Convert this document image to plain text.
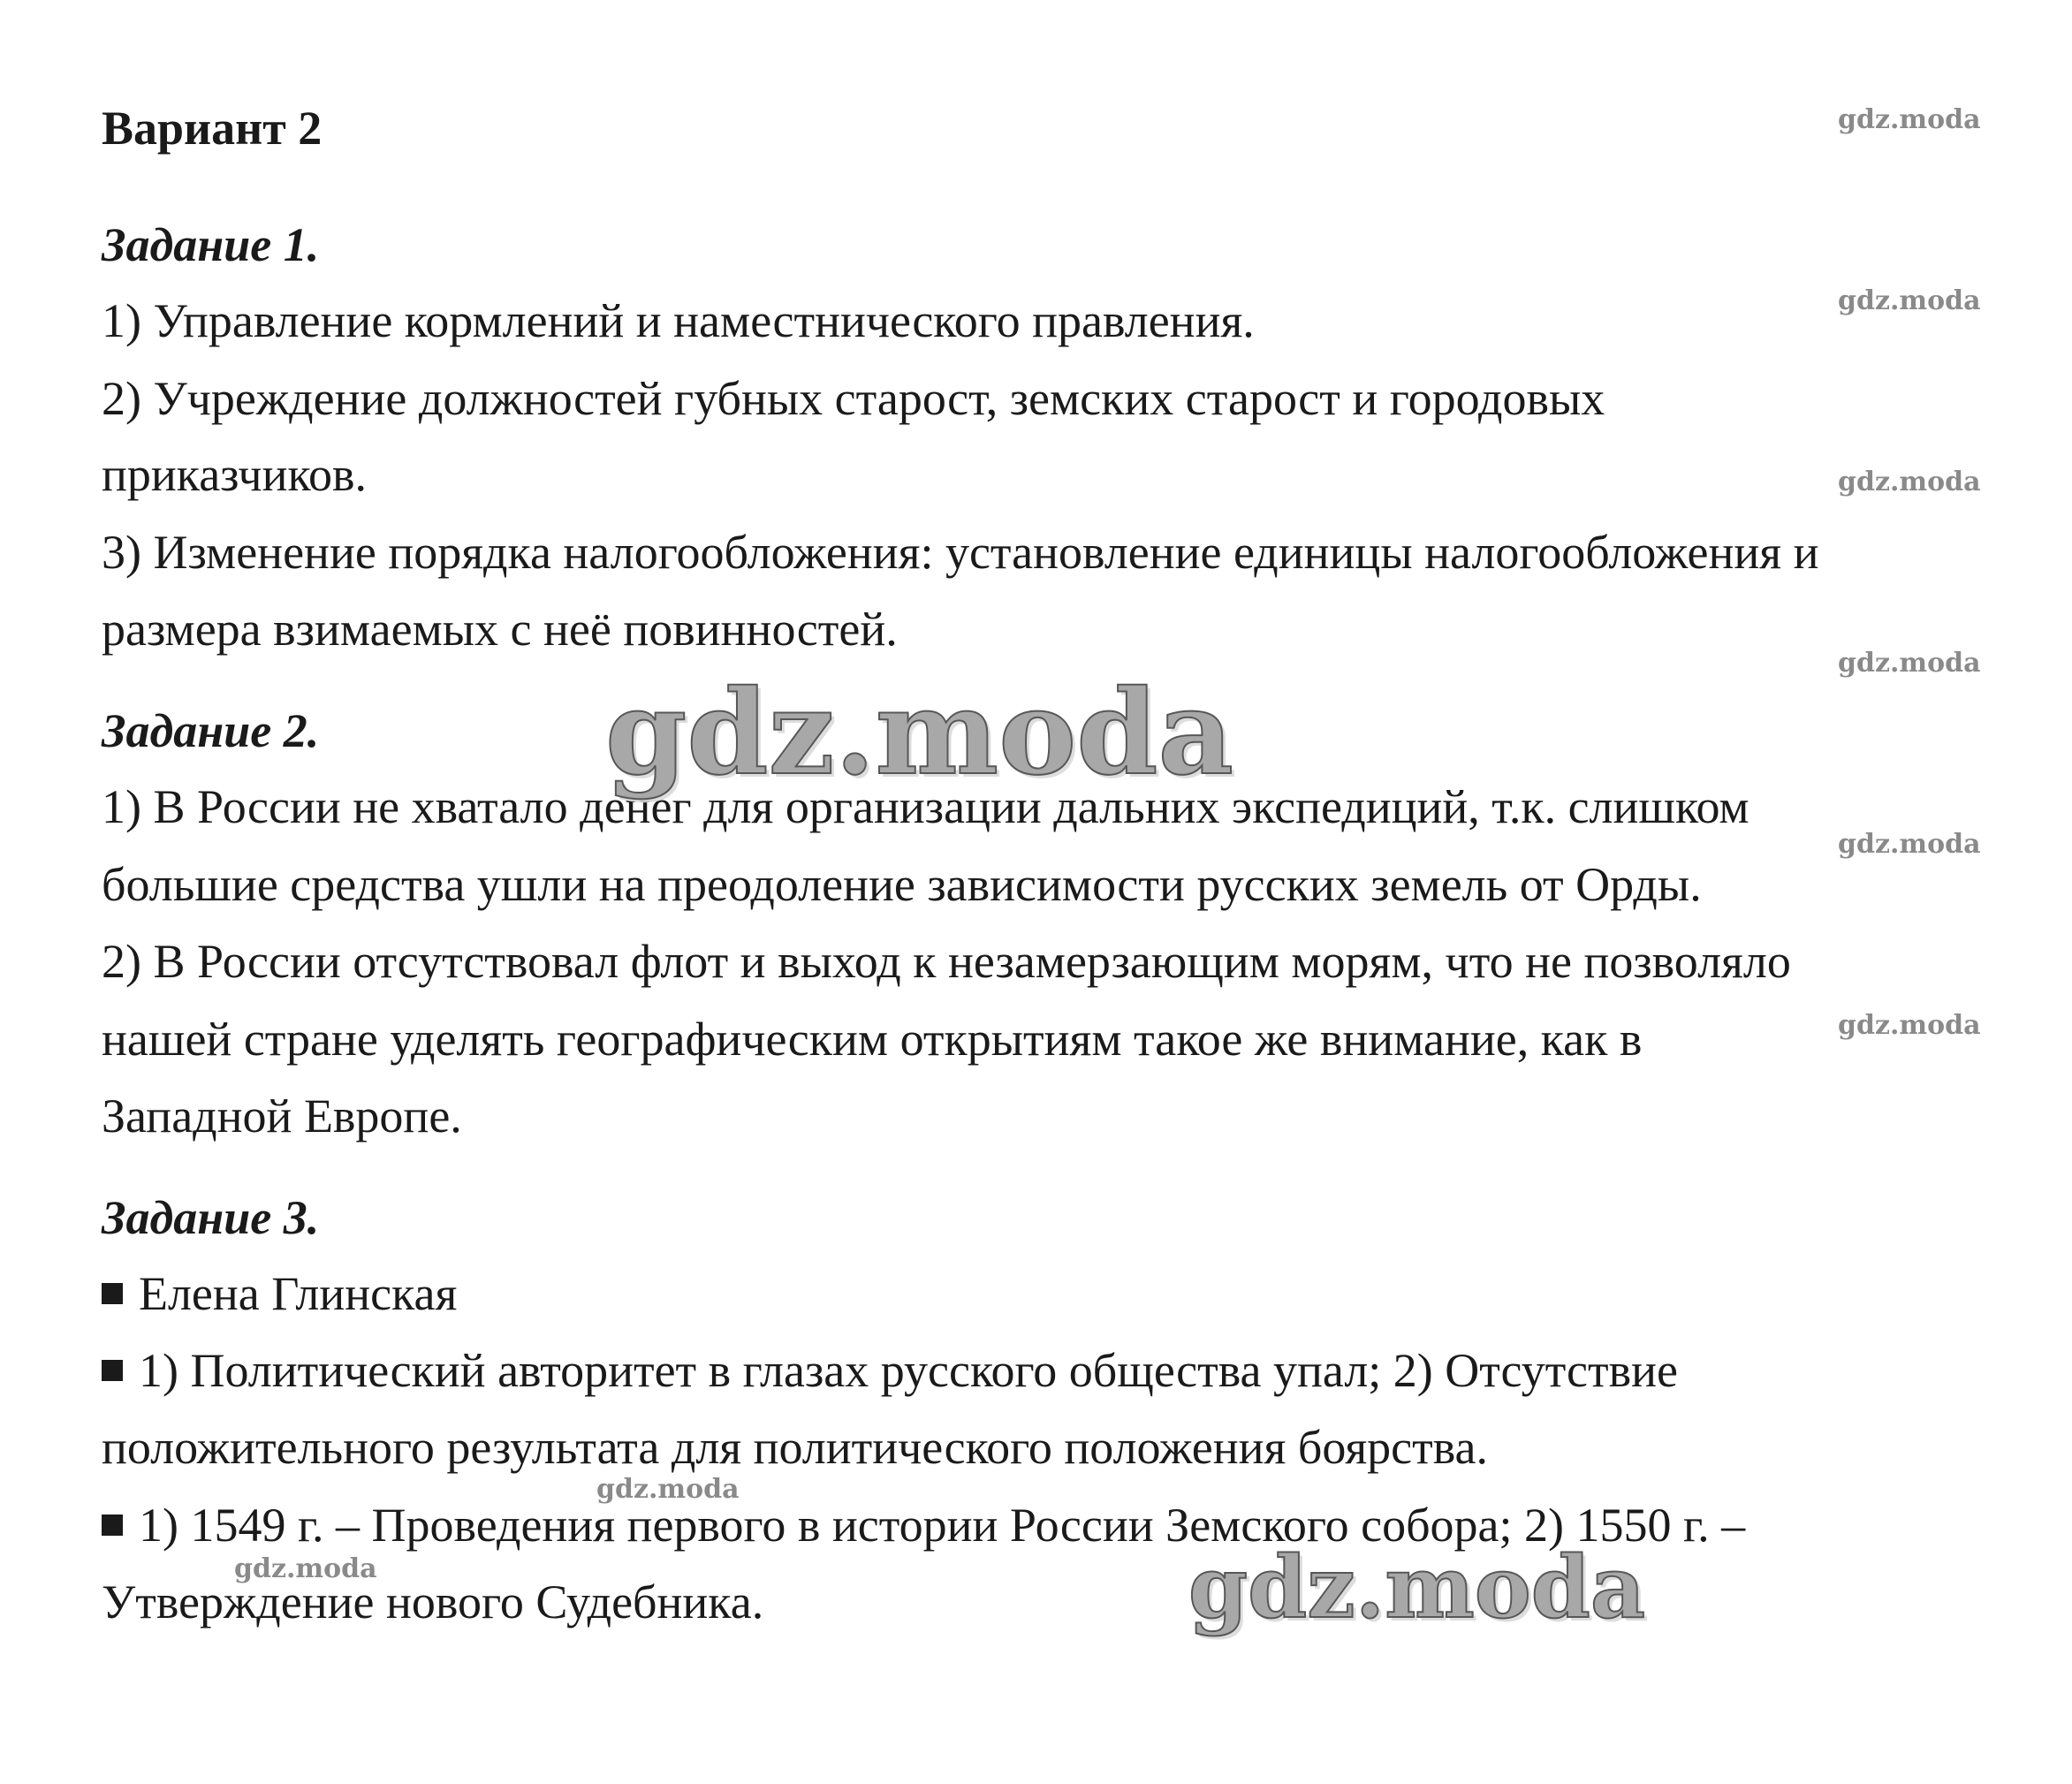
Вариант 2
Задание 1.
1) Управление кормлений и наместнического правления.
2) Учреждение должностей губных старост, земских старост и городовых
приказчиков.
3) Изменение порядка налогообложения: установление единицы налогообложения и
размера взимаемых с неё повинностей.
Задание 2.
1) В России не хватало денег для организации дальних экспедиций, т.к. слишком
большие средства ушли на преодоление зависимости русских земель от Орды.
2) В России отсутствовал флот и выход к незамерзающим морям, что не позволяло
нашей стране уделять географическим открытиям такое же внимание, как в
Западной Европе.
Задание 3.
Елена Глинская
1) Политический авторитет в глазах русского общества упал; 2) Отсутствие
положительного результата для политического положения боярства.
1) 1549 г. – Проведения первого в истории России Земского собора; 2) 1550 г. –
Утверждение нового Судебника.
gdz.moda
gdz.moda
gdz.moda
gdz.moda
gdz.moda
gdz.moda
gdz.moda
gdz.moda
gdz.moda
gdz.moda
